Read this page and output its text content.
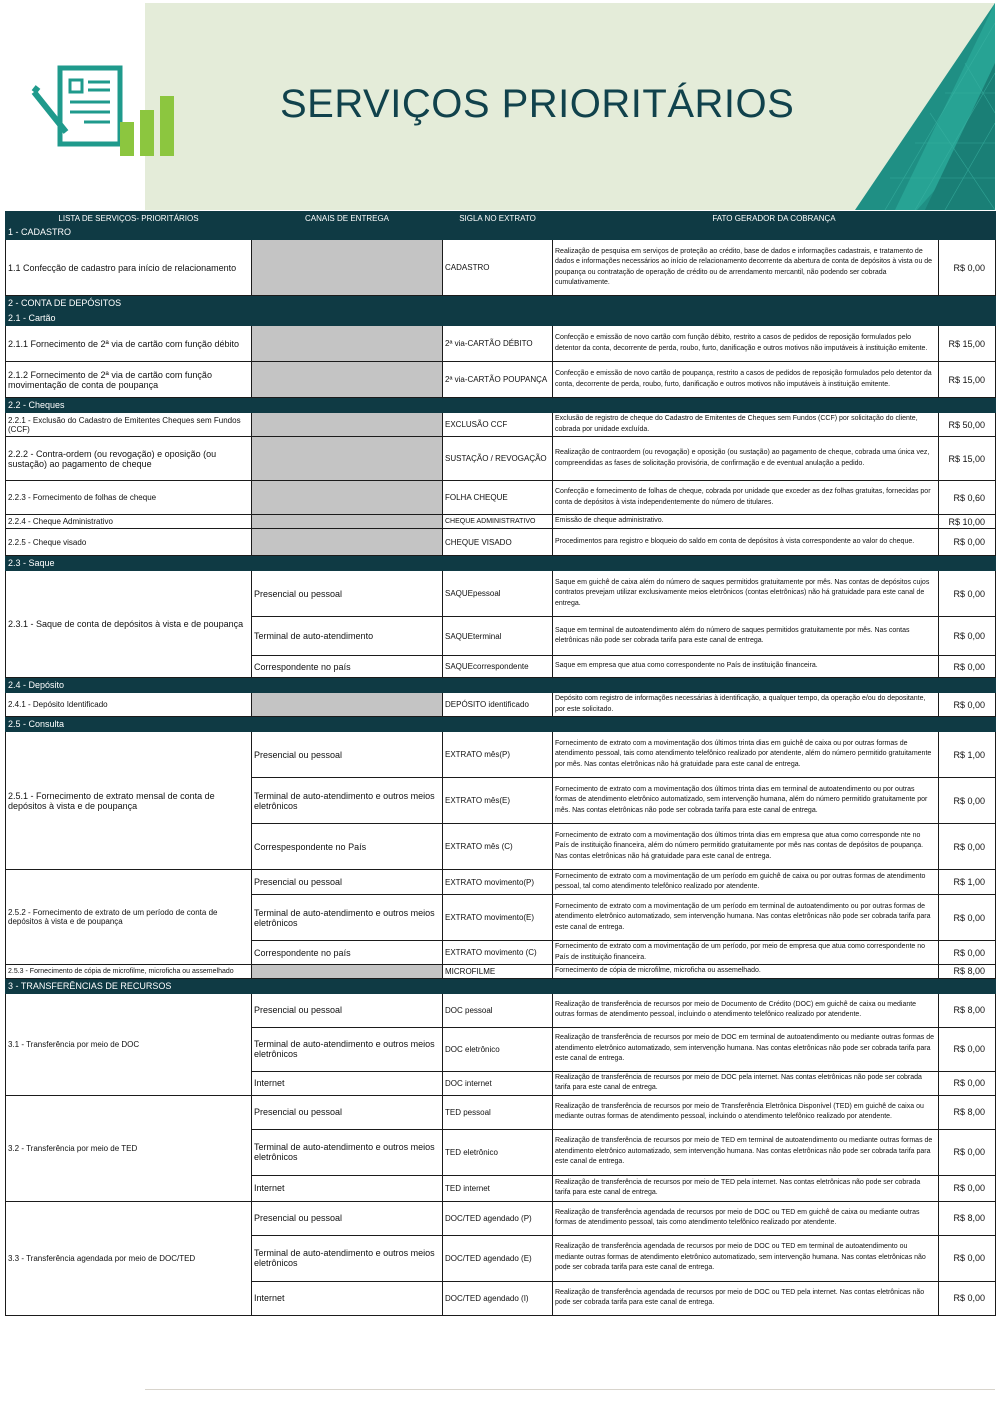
SERVIÇOS PRIORITÁRIOS
LISTA DE SERVIÇOS- PRIORITÁRIOS	CANAIS DE ENTREGA	SIGLA NO EXTRATO	FATO GERADOR DA COBRANÇA	
1 - CADASTRO				
1.1 Confecção de cadastro para início de relacionamento		CADASTRO	Realização de pesquisa em serviços de proteção ao crédito, base de dados e informações cadastrais, e tratamento de dados e informações necessários ao início de relacionamento decorrente da abertura de conta de depósitos à vista ou de poupança ou contratação de operação de crédito ou de arrendamento mercantil, não podendo ser cobrada cumulativamente.	R$ 0,00
2 - CONTA DE DEPÓSITOS				
2.1 - Cartão				
2.1.1 Fornecimento de 2ª via de cartão com função débito		2ª via-CARTÃO DÉBITO	Confecção e emissão de novo cartão com função débito, restrito a casos de pedidos de reposição formulados pelo detentor da conta, decorrente de perda, roubo, furto, danificação e outros motivos não imputáveis à instituição emitente.	R$ 15,00
2.1.2 Fornecimento de 2ª via de cartão com função movimentação de conta de poupança		2ª via-CARTÃO POUPANÇA	Confecção e emissão de novo cartão de poupança, restrito a casos de pedidos de reposição formulados pelo detentor da conta, decorrente de perda, roubo, furto, danificação e outros motivos não imputáveis à instituição emitente.	R$ 15,00
2.2 - Cheques				
2.2.1 - Exclusão do Cadastro de Emitentes Cheques sem Fundos (CCF)		EXCLUSÃO CCF	Exclusão de registro de cheque do Cadastro de Emitentes de Cheques sem Fundos (CCF) por solicitação do cliente, cobrada por unidade excluída.	R$ 50,00
2.2.2 - Contra-ordem (ou revogação) e oposição (ou sustação) ao pagamento de cheque		SUSTAÇÃO / REVOGAÇÃO	Realização de contraordem (ou revogação) e oposição (ou sustação) ao pagamento de cheque, cobrada uma única vez, compreendidas as fases de solicitação provisória, de confirmação e de eventual anulação a pedido.	R$ 15,00
2.2.3 - Fornecimento de folhas de cheque		FOLHA CHEQUE	Confecção e fornecimento de folhas de cheque, cobrada por unidade que exceder as dez folhas gratuitas, fornecidas por conta de depósitos à vista independentemente do número de titulares.	R$ 0,60
2.2.4 - Cheque Administrativo		CHEQUE ADMINISTRATIVO	Emissão de cheque administrativo.	R$ 10,00
2.2.5 - Cheque visado		CHEQUE VISADO	Procedimentos para registro e bloqueio do saldo em conta de depósitos à vista correspondente ao valor do cheque.	R$ 0,00
2.3 - Saque				
2.3.1 - Saque de conta de depósitos à vista e de poupança	Presencial ou pessoal	SAQUEpessoal	Saque em guichê de caixa além do número de saques permitidos gratuitamente por mês. Nas contas de depósitos cujos contratos prevejam utilizar exclusivamente meios eletrônicos (contas eletrônicas) não há gratuidade para este canal de entrega.	R$ 0,00
	Terminal de auto-atendimento	SAQUEterminal	Saque em terminal de autoatendimento além do número de saques permitidos gratuitamente por mês. Nas contas eletrônicas não pode ser cobrada tarifa para este canal de entrega.	R$ 0,00
	Correspondente no país	SAQUEcorrespondente	Saque em empresa que atua como correspondente no País de instituição financeira.	R$ 0,00
2.4 - Depósito				
2.4.1 - Depósito Identificado		DEPÓSITO identificado	Depósito com registro de informações necessárias à identificação, a qualquer tempo, da operação e/ou do depositante, por este solicitado.	R$ 0,00
2.5 - Consulta				
2.5.1 - Fornecimento de extrato mensal de conta de depósitos à vista e de poupança	Presencial ou pessoal	EXTRATO mês(P)	Fornecimento de extrato com a movimentação dos últimos trinta dias em guichê de caixa ou por outras formas de atendimento pessoal, tais como atendimento telefônico realizado por atendente, além do número permitido gratuitamente por mês. Nas contas eletrônicas não há gratuidade para este canal de entrega.	R$ 1,00
	Terminal de auto-atendimento e outros meios eletrônicos	EXTRATO mês(E)	Fornecimento de extrato com a movimentação dos últimos trinta dias em terminal de autoatendimento ou por outras formas de atendimento eletrônico automatizado, sem intervenção humana, além do número permitido gratuitamente por mês. Nas contas eletrônicas não pode ser cobrada tarifa para este canal de entrega.	R$ 0,00
	Correspespondente no País	EXTRATO mês (C)	Fornecimento de extrato com a movimentação dos últimos trinta dias em empresa que atua como corresponde nte no País de instituição financeira, além do número permitido gratuitamente por mês nas contas de depósitos de poupança. Nas contas eletrônicas não há gratuidade para este canal de entrega.	R$ 0,00
2.5.2 - Fornecimento de extrato de um período de conta de depósitos à vista e de poupança	Presencial ou pessoal	EXTRATO movimento(P)	Fornecimento de extrato com a movimentação de um período em guichê de caixa ou por outras formas de atendimento pessoal, tal como atendimento telefônico realizado por atendente.	R$ 1,00
	Terminal de auto-atendimento e outros meios eletrônicos	EXTRATO movimento(E)	Fornecimento de extrato com a movimentação de um período em terminal de autoatendimento ou por outras formas de atendimento eletrônico automatizado, sem intervenção humana. Nas contas eletrônicas não pode ser cobrada tarifa para este canal de entrega.	R$ 0,00
	Correspondente no país	EXTRATO movimento (C)	Fornecimento de extrato com a movimentação de um período, por meio de empresa que atua como correspondente no País de instituição financeira.	R$ 0,00
2.5.3 - Fornecimento de cópia de microfilme, microficha ou assemelhado		MICROFILME	Fornecimento de cópia de microfilme, microficha ou assemelhado.	R$ 8,00
3 - TRANSFERÊNCIAS DE RECURSOS				
3.1 - Transferência por meio de DOC	Presencial ou pessoal	DOC pessoal	Realização de transferência de recursos por meio de Documento de Crédito (DOC) em guichê de caixa ou mediante outras formas de atendimento pessoal, incluindo o atendimento telefônico realizado por atendente.	R$ 8,00
	Terminal de auto-atendimento e outros meios eletrônicos	DOC eletrônico	Realização de transferência de recursos por meio de DOC em terminal de autoatendimento ou mediante outras formas de atendimento eletrônico automatizado, sem intervenção humana. Nas contas eletrônicas não pode ser cobrada tarifa para este canal de entrega.	R$ 0,00
	Internet	DOC internet	Realização de transferência de recursos por meio de DOC pela internet. Nas contas eletrônicas não pode ser cobrada tarifa para este canal de entrega.	R$ 0,00
3.2 - Transferência por meio de TED	Presencial ou pessoal	TED pessoal	Realização de transferência de recursos por meio de Transferência Eletrônica Disponível (TED) em guichê de caixa ou mediante outras formas de atendimento pessoal, incluindo o atendimento telefônico realizado por atendente.	R$ 8,00
	Terminal de auto-atendimento e outros meios eletrônicos	TED eletrônico	Realização de transferência de recursos por meio de TED em terminal de autoatendimento ou mediante outras formas de atendimento eletrônico automatizado, sem intervenção humana. Nas contas eletrônicas não pode ser cobrada tarifa para este canal de entrega.	R$ 0,00
	Internet	TED internet	Realização de transferência de recursos por meio de TED pela internet. Nas contas eletrônicas não pode ser cobrada tarifa para este canal de entrega.	R$ 0,00
3.3 - Transferência agendada por meio de DOC/TED	Presencial ou pessoal	DOC/TED agendado (P)	Realização de transferência agendada de recursos por meio de DOC ou TED em guichê de caixa ou mediante outras formas de atendimento pessoal, tais como atendimento telefônico realizado por atendente.	R$ 8,00
	Terminal de auto-atendimento e outros meios eletrônicos	DOC/TED agendado (E)	Realização de transferência agendada de recursos por meio de DOC ou TED em terminal de autoatendimento ou mediante outras formas de atendimento eletrônico automatizado, sem intervenção humana. Nas contas eletrônicas não pode ser cobrada tarifa para este canal de entrega.	R$ 0,00
	Internet	DOC/TED agendado (I)	Realização de transferência agendada de recursos por meio de DOC ou TED pela internet. Nas contas eletrônicas não pode ser cobrada tarifa para este canal de entrega.	R$ 0,00
